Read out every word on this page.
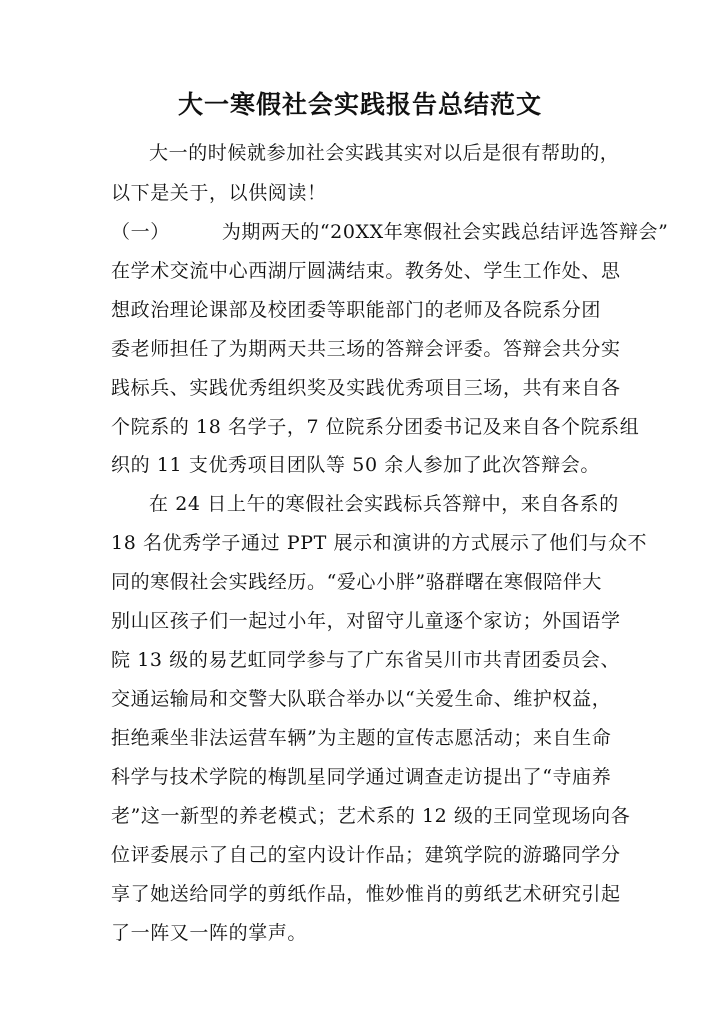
大一寒假社会实践报告总结范文
大一的时候就参加社会实践其实对以后是很有帮助的，
以下是关于，以供阅读！
（一）	为期两天的“20XX年寒假社会实践总结评选答辩会”
在学术交流中心西湖厅圆满结束。教务处、学生工作处、思
想政治理论课部及校团委等职能部门的老师及各院系分团
委老师担任了为期两天共三场的答辩会评委。答辩会共分实
践标兵、实践优秀组织奖及实践优秀项目三场，共有来自各
个院系的 18 名学子，7 位院系分团委书记及来自各个院系组
织的 11 支优秀项目团队等 50 余人参加了此次答辩会。
在 24 日上午的寒假社会实践标兵答辩中，来自各系的
18 名优秀学子通过 PPT 展示和演讲的方式展示了他们与众不
同的寒假社会实践经历。“爱心小胖”骆群曙在寒假陪伴大
别山区孩子们一起过小年，对留守儿童逐个家访；外国语学
院 13 级的易艺虹同学参与了广东省吴川市共青团委员会、
交通运输局和交警大队联合举办以“关爱生命、维护权益，
拒绝乘坐非法运营车辆”为主题的宣传志愿活动；来自生命
科学与技术学院的梅凯星同学通过调查走访提出了“寺庙养
老”这一新型的养老模式；艺术系的 12 级的王同堂现场向各
位评委展示了自己的室内设计作品；建筑学院的游璐同学分
享了她送给同学的剪纸作品，惟妙惟肖的剪纸艺术研究引起
了一阵又一阵的掌声。
